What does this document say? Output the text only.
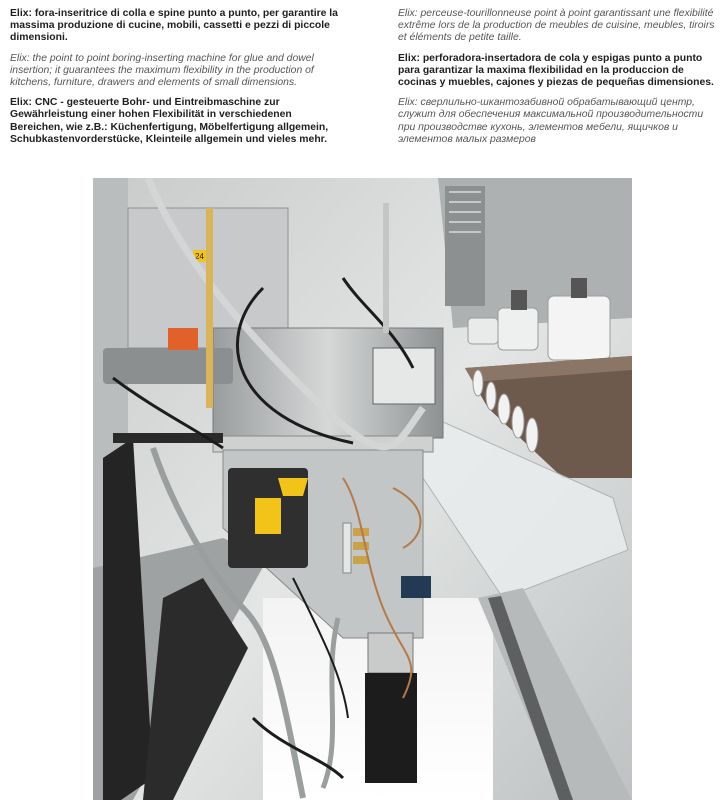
Elix: fora-inseritrice di colla e spine punto a punto, per garantire la massima produzione di cucine, mobili, cassetti e pezzi di piccole dimensioni.

Elix: the point to point boring-inserting machine for glue and dowel insertion; it guarantees the maximum flexibility in the production of kitchens, furniture, drawers and elements of small dimensions.

Elix: CNC - gesteuerte Bohr- und Eintreibmaschine zur Gewährleistung einer hohen Flexibilität in verschiedenen Bereichen, wie z.B.: Küchenfertigung, Möbelfertigung allgemein, Schubkastenvorderstücke, Kleinteile allgemein und vieles mehr.

Elix: perceuse-tourillonneuse point à point garantissant une flexibilité extrême lors de la production de meubles de cuisine, meubles, tiroirs et éléments de petite taille.

Elix: perforadora-insertadora de cola y espigas punto a punto para garantizar la maxima flexibilidad en la produccion de cocinas y muebles, cajones y piezas de pequeñas dimensiones.

Elix: сверлильно-шкантозабивной обрабатывающий центр, служит для обеспечения максимальной производительности при производстве кухонь, элементов мебели, ящичков и элементов малых размеров

24
